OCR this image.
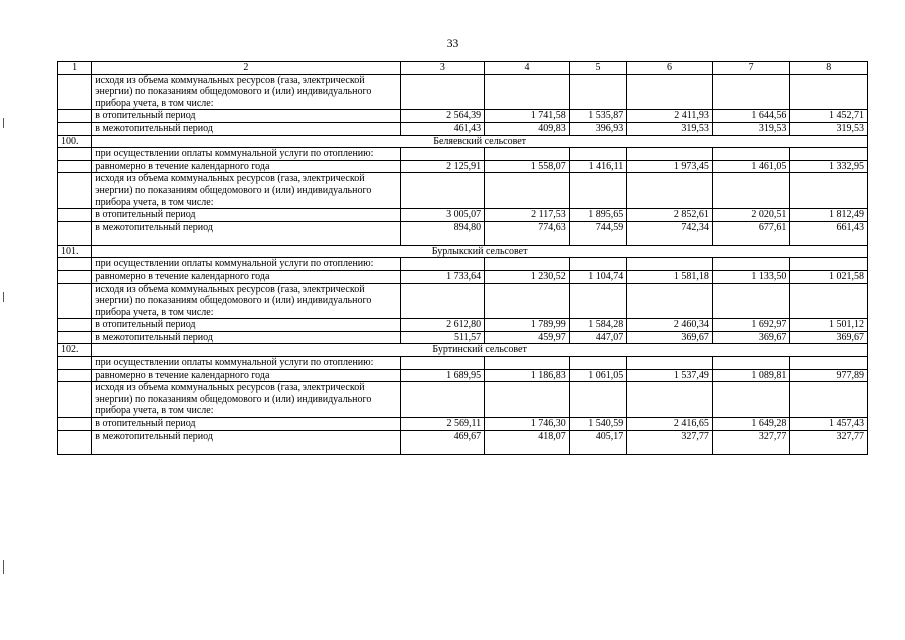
33
1	2	3	4	5	6	7	8
	исходя из объема коммунальных ресурсов (газа, электрической энергии) по показаниям общедомового и (или) индивидуального прибора учета, в том числе:						
	в отопительный период	2 564,39	1 741,58	1 535,87	2 411,93	1 644,56	1 452,71
	в межотопительный период	461,43	409,83	396,93	319,53	319,53	319,53
100.	Беляевский сельсовет						
	при осуществлении оплаты коммунальной услуги по отоплению:						
	равномерно в течение календарного года	2 125,91	1 558,07	1 416,11	1 973,45	1 461,05	1 332,95
	исходя из объема коммунальных ресурсов (газа, электрической энергии) по показаниям общедомового и (или) индивидуального прибора учета, в том числе:						
	в отопительный период	3 005,07	2 117,53	1 895,65	2 852,61	2 020,51	1 812,49
	в межотопительный период	894,80	774,63	744,59	742,34	677,61	661,43
101.	Бурлыкский сельсовет						
	при осуществлении оплаты коммунальной услуги по отоплению:						
	равномерно в течение календарного года	1 733,64	1 230,52	1 104,74	1 581,18	1 133,50	1 021,58
	исходя из объема коммунальных ресурсов (газа, электрической энергии) по показаниям общедомового и (или) индивидуального прибора учета, в том числе:						
	в отопительный период	2 612,80	1 789,99	1 584,28	2 460,34	1 692,97	1 501,12
	в межотопительный период	511,57	459,97	447,07	369,67	369,67	369,67
102.	Буртинский сельсовет						
	при осуществлении оплаты коммунальной услуги по отоплению:						
	равномерно в течение календарного года	1 689,95	1 186,83	1 061,05	1 537,49	1 089,81	977,89
	исходя из объема коммунальных ресурсов (газа, электрической энергии) по показаниям общедомового и (или) индивидуального прибора учета, в том числе:						
	в отопительный период	2 569,11	1 746,30	1 540,59	2 416,65	1 649,28	1 457,43
	в межотопительный период	469,67	418,07	405,17	327,77	327,77	327,77
